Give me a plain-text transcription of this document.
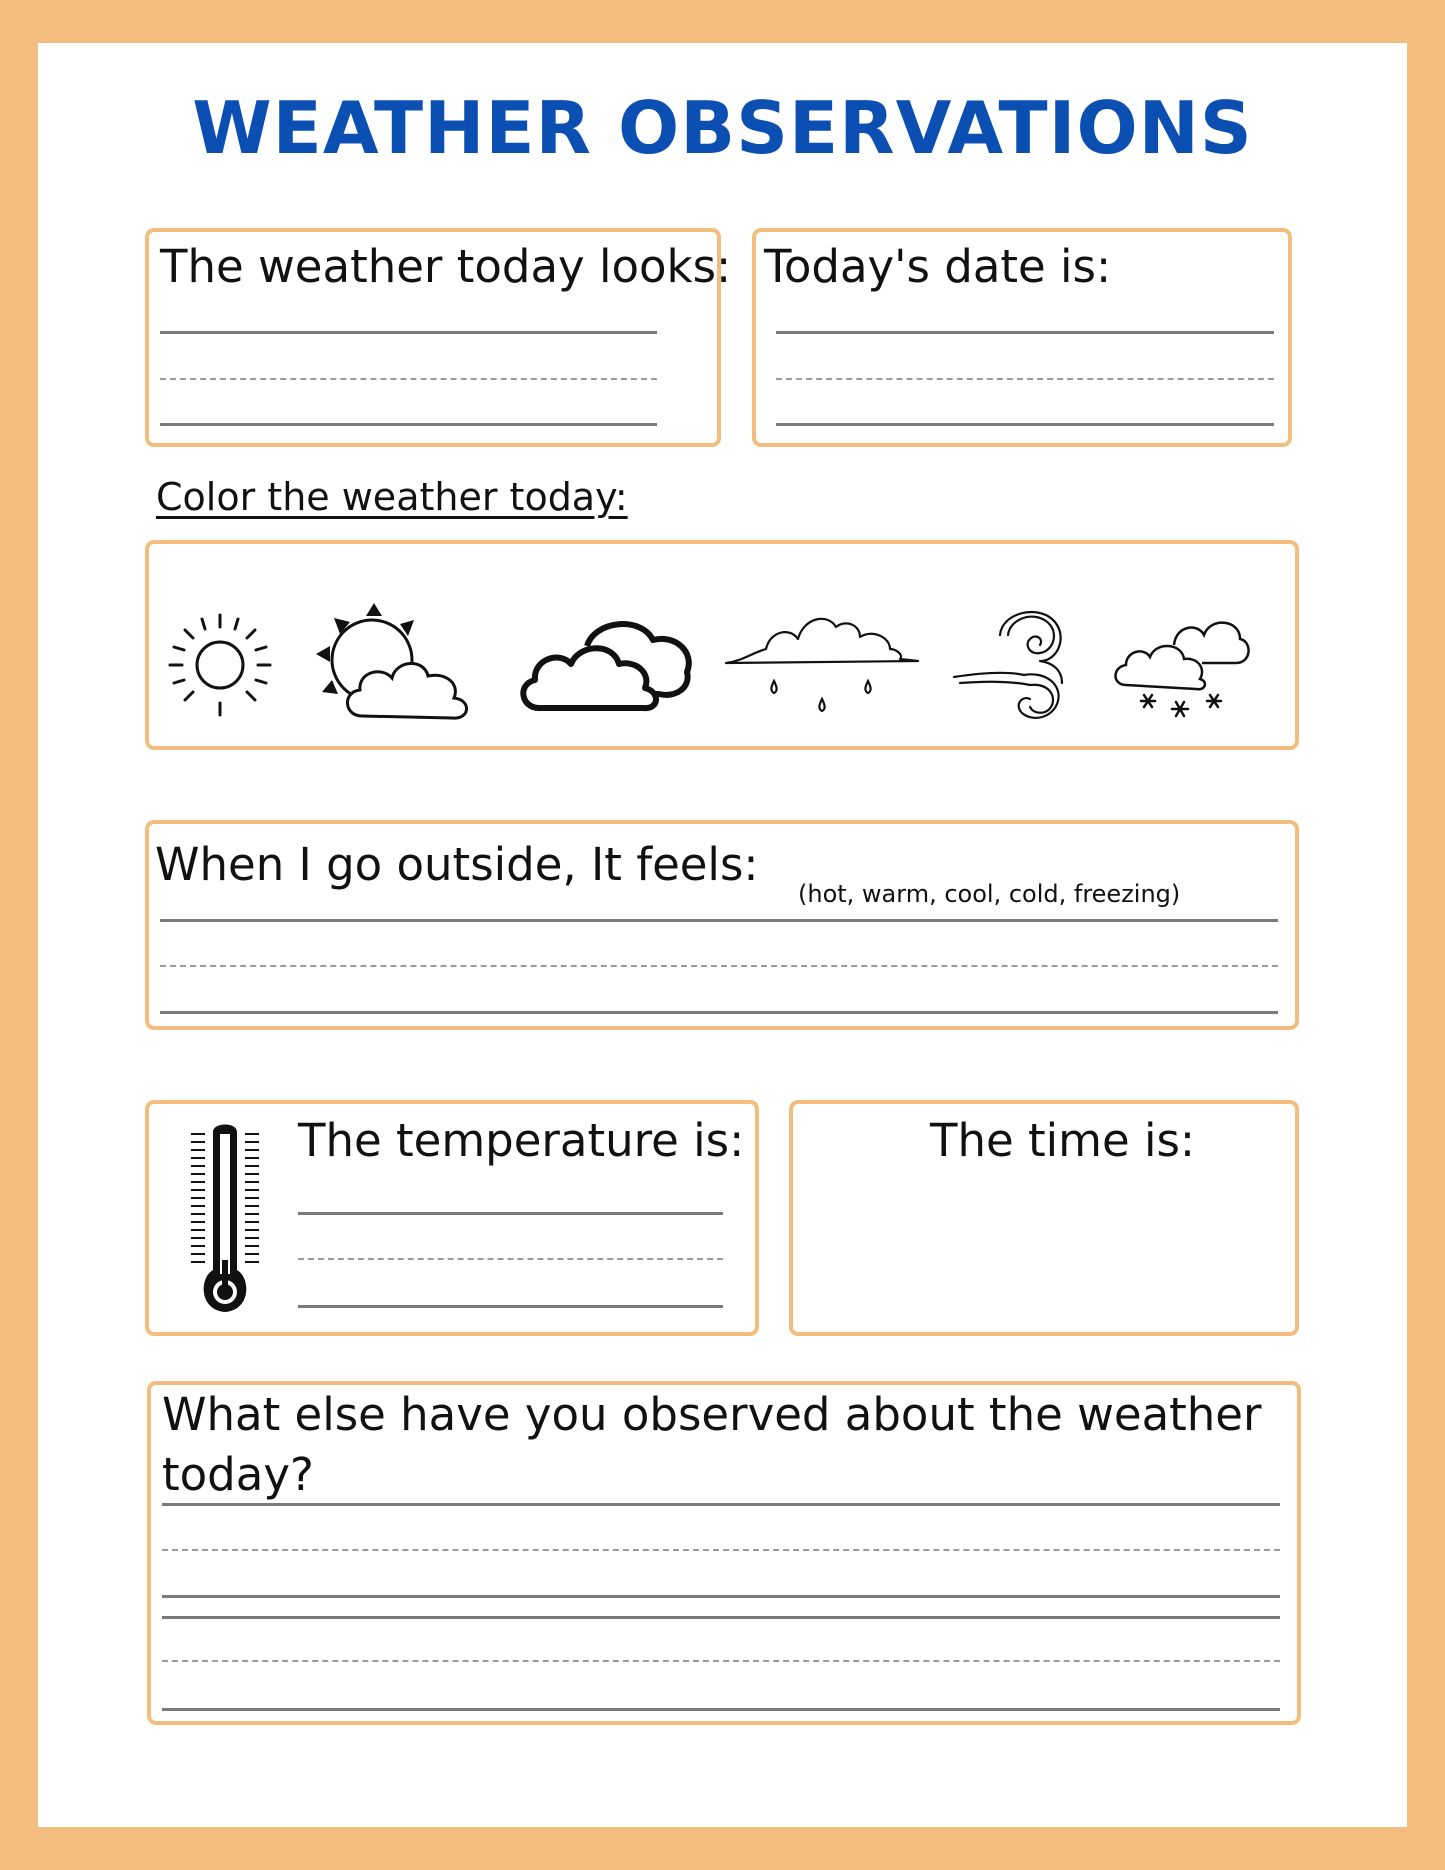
WEATHER OBSERVATIONS
The weather today looks: Today's date is:
Color the weather today:
When I go outside, It feels:
(hot, warm, cool, cold, freezing)
The temperature is:	The time is:
What else have you observed about the weather
today?
